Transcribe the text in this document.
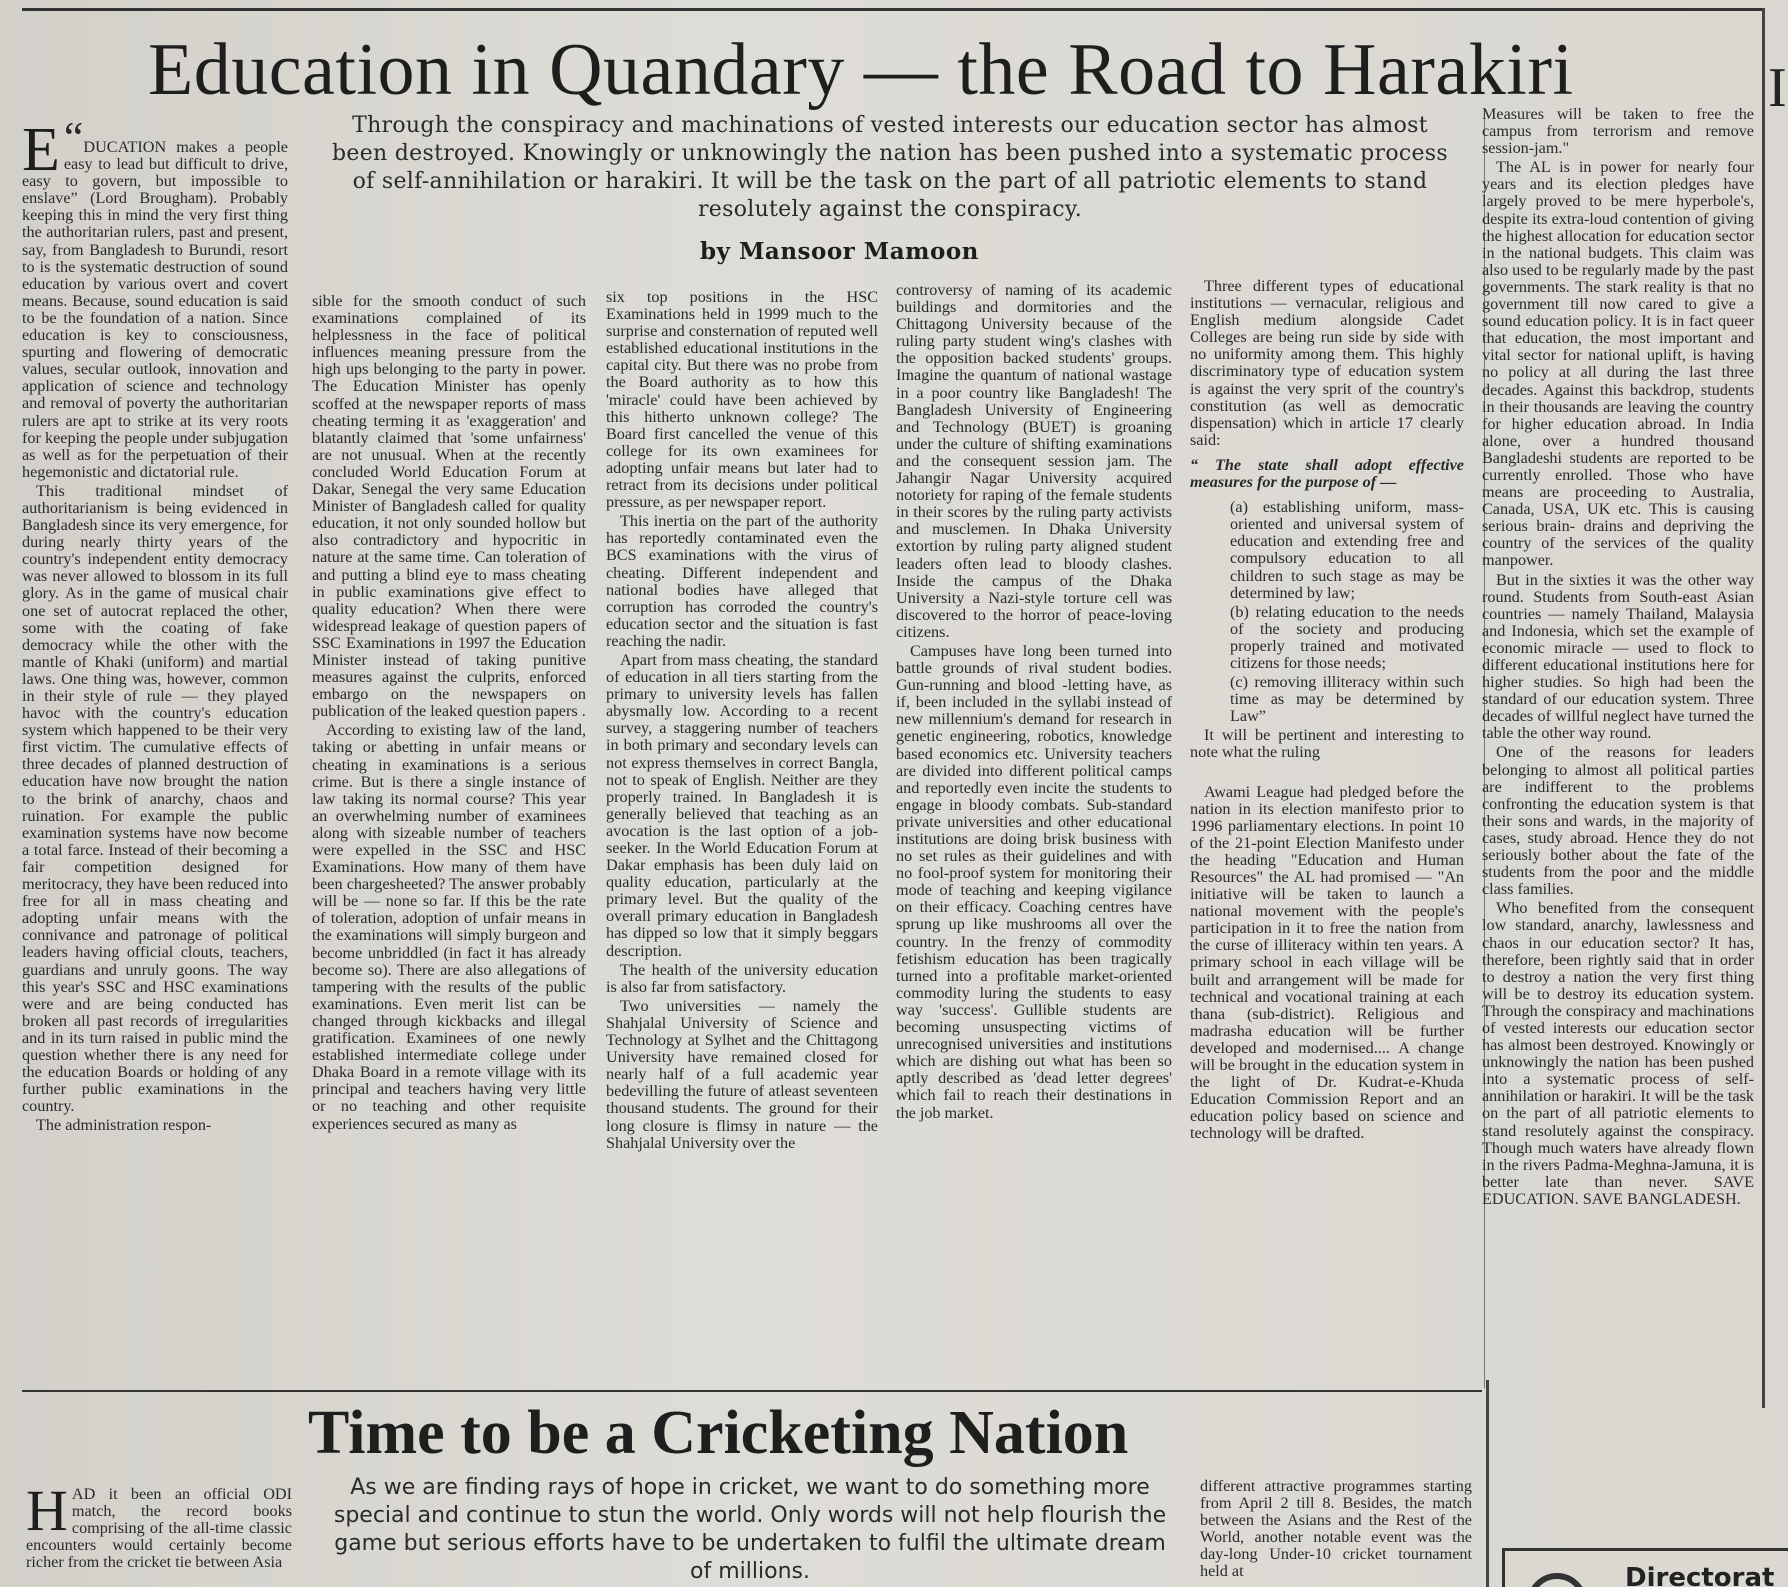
I
Education in Quandary — the Road to Harakiri

Through the conspiracy and machinations of vested interests our education sector has almost been destroyed. Knowingly or unknowingly the nation has been pushed into a systematic process of self-annihilation or harakiri. It will be the task on the part of all patriotic elements to stand resolutely against the conspiracy.

by Mansoor Mamoon

“
E DUCATION makes a people easy to lead but difficult to drive, easy to govern, but impossible to enslave” (Lord Brougham). Probably keeping this in mind the very first thing the authoritarian rulers, past and present, say, from Bangladesh to Burundi, resort to is the systematic destruction of sound education by various overt and covert means. Because, sound education is said to be the foundation of a nation. Since education is key to consciousness, spurting and flowering of democratic values, secular outlook, innovation and application of science and technology and removal of poverty the authoritarian rulers are apt to strike at its very roots for keeping the people under subjugation as well as for the perpetuation of their hegemonistic and dictatorial rule.

This traditional mindset of authoritarianism is being evidenced in Bangladesh since its very emergence, for during nearly thirty years of the country's independent entity democracy was never allowed to blossom in its full glory. As in the game of musical chair one set of autocrat replaced the other, some with the coating of fake democracy while the other with the mantle of Khaki (uniform) and martial laws. One thing was, however, common in their style of rule — they played havoc with the country's education system which happened to be their very first victim. The cumulative effects of three decades of planned destruction of education have now brought the nation to the brink of anarchy, chaos and ruination. For example the public examination systems have now become a total farce. Instead of their becoming a fair competition designed for meritocracy, they have been reduced into free for all in mass cheating and adopting unfair means with the connivance and patronage of political leaders having official clouts, teachers, guardians and unruly goons. The way this year's SSC and HSC examinations were and are being conducted has broken all past records of irregularities and in its turn raised in public mind the question whether there is any need for the education Boards or holding of any further public examinations in the country.

The administration respon-

sible for the smooth conduct of such examinations complained of its helplessness in the face of political influences meaning pressure from the high ups belonging to the party in power. The Education Minister has openly scoffed at the newspaper reports of mass cheating terming it as 'exaggeration' and blatantly claimed that 'some unfairness' are not unusual. When at the recently concluded World Education Forum at Dakar, Senegal the very same Education Minister of Bangladesh called for quality education, it not only sounded hollow but also contradictory and hypocritic in nature at the same time. Can toleration of and putting a blind eye to mass cheating in public examinations give effect to quality education? When there were widespread leakage of question papers of SSC Examinations in 1997 the Education Minister instead of taking punitive measures against the culprits, enforced embargo on the newspapers on publication of the leaked question papers .

According to existing law of the land, taking or abetting in unfair means or cheating in examinations is a serious crime. But is there a single instance of law taking its normal course? This year an overwhelming number of examinees along with sizeable number of teachers were expelled in the SSC and HSC Examinations. How many of them have been chargesheeted? The answer probably will be — none so far. If this be the rate of toleration, adoption of unfair means in the examinations will simply burgeon and become unbriddled (in fact it has already become so). There are also allegations of tampering with the results of the public examinations. Even merit list can be changed through kickbacks and illegal gratification. Examinees of one newly established intermediate college under Dhaka Board in a remote village with its principal and teachers having very little or no teaching and other requisite experiences secured as many as

six top positions in the HSC Examinations held in 1999 much to the surprise and consternation of reputed well established educational institutions in the capital city. But there was no probe from the Board authority as to how this 'miracle' could have been achieved by this hitherto unknown college? The Board first cancelled the venue of this college for its own examinees for adopting unfair means but later had to retract from its decisions under political pressure, as per newspaper report.

This inertia on the part of the authority has reportedly contaminated even the BCS examinations with the virus of cheating. Different independent and national bodies have alleged that corruption has corroded the country's education sector and the situation is fast reaching the nadir.

Apart from mass cheating, the standard of education in all tiers starting from the primary to university levels has fallen abysmally low. According to a recent survey, a staggering number of teachers in both primary and secondary levels can not express themselves in correct Bangla, not to speak of English. Neither are they properly trained. In Bangladesh it is generally believed that teaching as an avocation is the last option of a job-seeker. In the World Education Forum at Dakar emphasis has been duly laid on quality education, particularly at the primary level. But the quality of the overall primary education in Bangladesh has dipped so low that it simply beggars description.

The health of the university education is also far from satisfactory.

Two universities — namely the Shahjalal University of Science and Technology at Sylhet and the Chittagong University have remained closed for nearly half of a full academic year bedevilling the future of atleast seventeen thousand students. The ground for their long closure is flimsy in nature — the Shahjalal University over the

controversy of naming of its academic buildings and dormitories and the Chittagong University because of the ruling party student wing's clashes with the opposition backed students' groups. Imagine the quantum of national wastage in a poor country like Bangladesh! The Bangladesh University of Engineering and Technology (BUET) is groaning under the culture of shifting examinations and the consequent session jam. The Jahangir Nagar University acquired notoriety for raping of the female students in their scores by the ruling party activists and musclemen. In Dhaka University extortion by ruling party aligned student leaders often lead to bloody clashes. Inside the campus of the Dhaka University a Nazi-style torture cell was discovered to the horror of peace-loving citizens.

Campuses have long been turned into battle grounds of rival student bodies. Gun-running and blood -letting have, as if, been included in the syllabi instead of new millennium's demand for research in genetic engineering, robotics, knowledge based economics etc. University teachers are divided into different political camps and reportedly even incite the students to engage in bloody combats. Sub-standard private universities and other educational institutions are doing brisk business with no set rules as their guidelines and with no fool-proof system for monitoring their mode of teaching and keeping vigilance on their efficacy. Coaching centres have sprung up like mushrooms all over the country. In the frenzy of commodity fetishism education has been tragically turned into a profitable market-oriented commodity luring the students to easy way 'success'. Gullible students are becoming unsuspecting victims of unrecognised universities and institutions which are dishing out what has been so aptly described as 'dead letter degrees' which fail to reach their destinations in the job market.

Three different types of educational institutions — vernacular, religious and English medium alongside Cadet Colleges are being run side by side with no uniformity among them. This highly discriminatory type of education system is against the very sprit of the country's constitution (as well as democratic dispensation) which in article 17 clearly said:

“ The state shall adopt effective measures for the purpose of —

(a) establishing uniform, mass-oriented and universal system of education and extending free and compulsory education to all children to such stage as may be determined by law;

(b) relating education to the needs of the society and producing properly trained and motivated citizens for those needs;

(c) removing illiteracy within such time as may be determined by Law”

It will be pertinent and interesting to note what the ruling

Awami League had pledged before the nation in its election manifesto prior to 1996 parliamentary elections. In point 10 of the 21-point Election Manifesto under the heading "Education and Human Resources" the AL had promised — "An initiative will be taken to launch a national movement with the people's participation in it to free the nation from the curse of illiteracy within ten years. A primary school in each village will be built and arrangement will be made for technical and vocational training at each thana (sub-district). Religious and madrasha education will be further developed and modernised.... A change will be brought in the education system in the light of Dr. Kudrat-e-Khuda Education Commission Report and an education policy based on science and technology will be drafted.

Measures will be taken to free the campus from terrorism and remove session-jam."

The AL is in power for nearly four years and its election pledges have largely proved to be mere hyperbole's, despite its extra-loud contention of giving the highest allocation for education sector in the national budgets. This claim was also used to be regularly made by the past governments. The stark reality is that no government till now cared to give a sound education policy. It is in fact queer that education, the most important and vital sector for national uplift, is having no policy at all during the last three decades. Against this backdrop, students in their thousands are leaving the country for higher education abroad. In India alone, over a hundred thousand Bangladeshi students are reported to be currently enrolled. Those who have means are proceeding to Australia, Canada, USA, UK etc. This is causing serious brain- drains and depriving the country of the services of the quality manpower.

But in the sixties it was the other way round. Students from South-east Asian countries — namely Thailand, Malaysia and Indonesia, which set the example of economic miracle — used to flock to different educational institutions here for higher studies. So high had been the standard of our education system. Three decades of willful neglect have turned the table the other way round.

One of the reasons for leaders belonging to almost all political parties are indifferent to the problems confronting the education system is that their sons and wards, in the majority of cases, study abroad. Hence they do not seriously bother about the fate of the students from the poor and the middle class families.

Who benefited from the consequent low standard, anarchy, lawlessness and chaos in our education sector? It has, therefore, been rightly said that in order to destroy a nation the very first thing will be to destroy its education system. Through the conspiracy and machinations of vested interests our education sector has almost been destroyed. Knowingly or unknowingly the nation has been pushed into a systematic process of self-annihilation or harakiri. It will be the task on the part of all patriotic elements to stand resolutely against the conspiracy. Though much waters have already flown in the rivers Padma-Meghna-Jamuna, it is better late than never. SAVE EDUCATION. SAVE BANGLADESH.

Time to be a Cricketing Nation

As we are finding rays of hope in cricket, we want to do something more special and continue to stun the world. Only words will not help flourish the game but serious efforts have to be undertaken to fulfil the ultimate dream of millions.

HAD it been an official ODI match, the record books comprising of the all-time classic encounters would certainly become richer from the cricket tie between Asia
different attractive programmes starting from April 2 till 8. Besides, the match between the Asians and the Rest of the World, another notable event was the day-long Under-10 cricket tournament held at	Directorat
